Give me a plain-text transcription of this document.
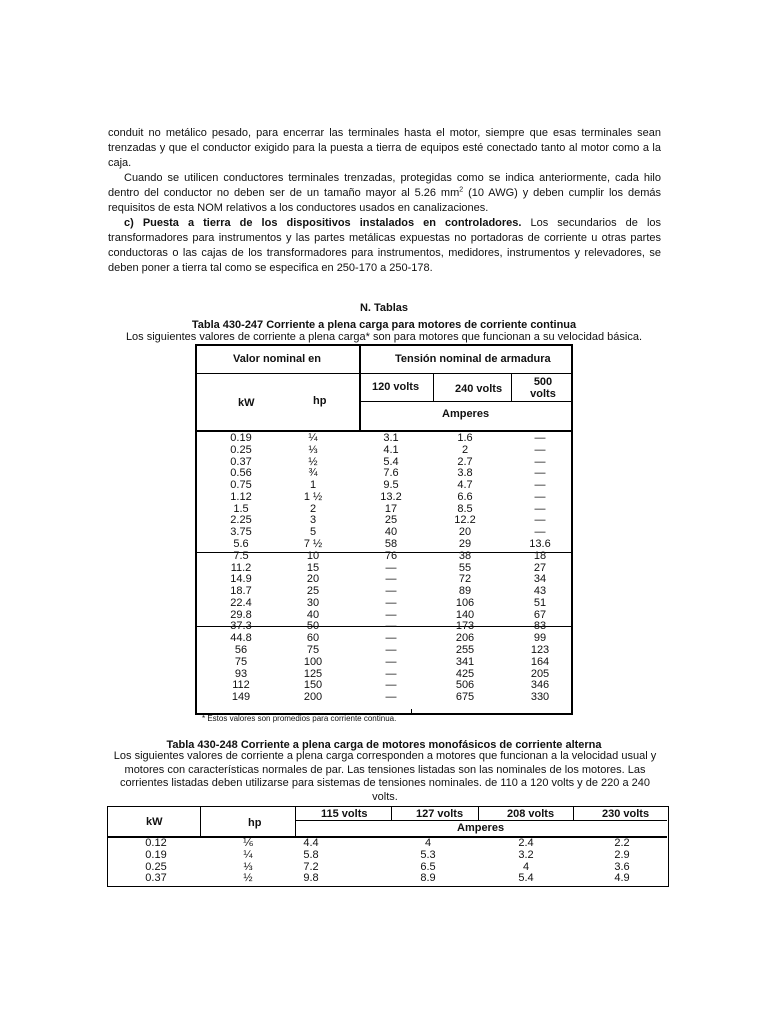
conduit no metálico pesado, para encerrar las terminales hasta el motor, siempre que esas terminales sean trenzadas y que el conductor exigido para la puesta a tierra de equipos esté conectado tanto al motor como a la caja.

Cuando se utilicen conductores terminales trenzadas, protegidas como se indica anteriormente, cada hilo dentro del conductor no deben ser de un tamaño mayor al 5.26 $mm^2$ (10 AWG) y deben cumplir los demás requisitos de esta NOM relativos a los conductores usados en canalizaciones.

c) Puesta a tierra de los dispositivos instalados en controladores. Los secundarios de los transformadores para instrumentos y las partes metálicas expuestas no portadoras de corriente u otras partes conductoras o las cajas de los transformadores para instrumentos, medidores, instrumentos y relevadores, se deben poner a tierra tal como se especifica en 250-170 a 250-178.

N. Tablas

Tabla 430-247 Corriente a plena carga para motores de corriente continua

Los siguientes valores de corriente a plena carga* son para motores que funcionan a su velocidad básica.

Valor nominal en	Tensión nominal de armadura
kW	hp
120 volts	240 volts
500 volts
Amperes
0.19	¼	3.1	1.6	—
0.25	⅓	4.1	2	—
0.37	½	5.4	2.7	—
0.56	¾	7.6	3.8	—
0.75	1	9.5	4.7	—
1.12	1 ½	13.2	6.6	—
1.5	2	17	8.5	—
2.25	3	25	12.2	—
3.75	5	40	20	—
5.6	7 ½	58	29	13.6
7.5	10	76	38	18
11.2	15	—	55	27
14.9	20	—	72	34
18.7	25	—	89	43
22.4	30	—	106	51
29.8	40	—	140	67
37.3	50	—	173	83
44.8	60	—	206	99
56	75	—	255	123
75	100	—	341	164
93	125	—	425	205
112	150	—	506	346
149	200	—	675	330
* Estos valores son promedios para corriente continua.

Tabla 430-248 Corriente a plena carga de motores monofásicos de corriente alterna

Los siguientes valores de corriente a plena carga corresponden a motores que funcionan a la velocidad usual y motores con características normales de par. Las tensiones listadas son las nominales de los motores. Las corrientes listadas deben utilizarse para sistemas de tensiones nominales. de 110 a 120 volts y de 220 a 240 volts.

kW	hp
115 volts	127 volts	208 volts	230 volts
Amperes
0.12	⅙	4.4	4	2.4	2.2
0.19	¼	5.8	5.3	3.2	2.9
0.25	⅓	7.2	6.5	4	3.6
0.37	½	9.8	8.9	5.4	4.9
